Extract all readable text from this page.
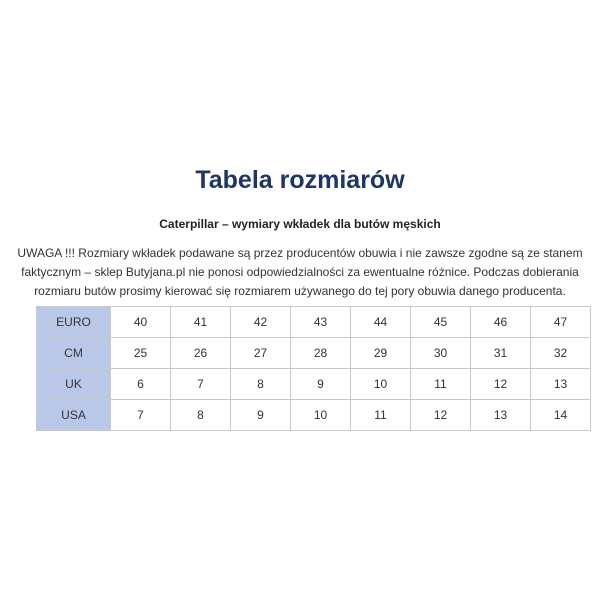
Tabela rozmiarów
Caterpillar – wymiary wkładek dla butów męskich

UWAGA !!! Rozmiary wkładek podawane są przez producentów obuwia i nie zawsze zgodne są ze stanem
faktycznym – sklep Butyjana.pl nie ponosi odpowiedzialności za ewentualne różnice. Podczas dobierania
rozmiaru butów prosimy kierować się rozmiarem używanego do tej pory obuwia danego producenta.

EURO	40	41	42	43	44	45	46	47
CM	25	26	27	28	29	30	31	32
UK	6	7	8	9	10	11	12	13
USA	7	8	9	10	11	12	13	14
